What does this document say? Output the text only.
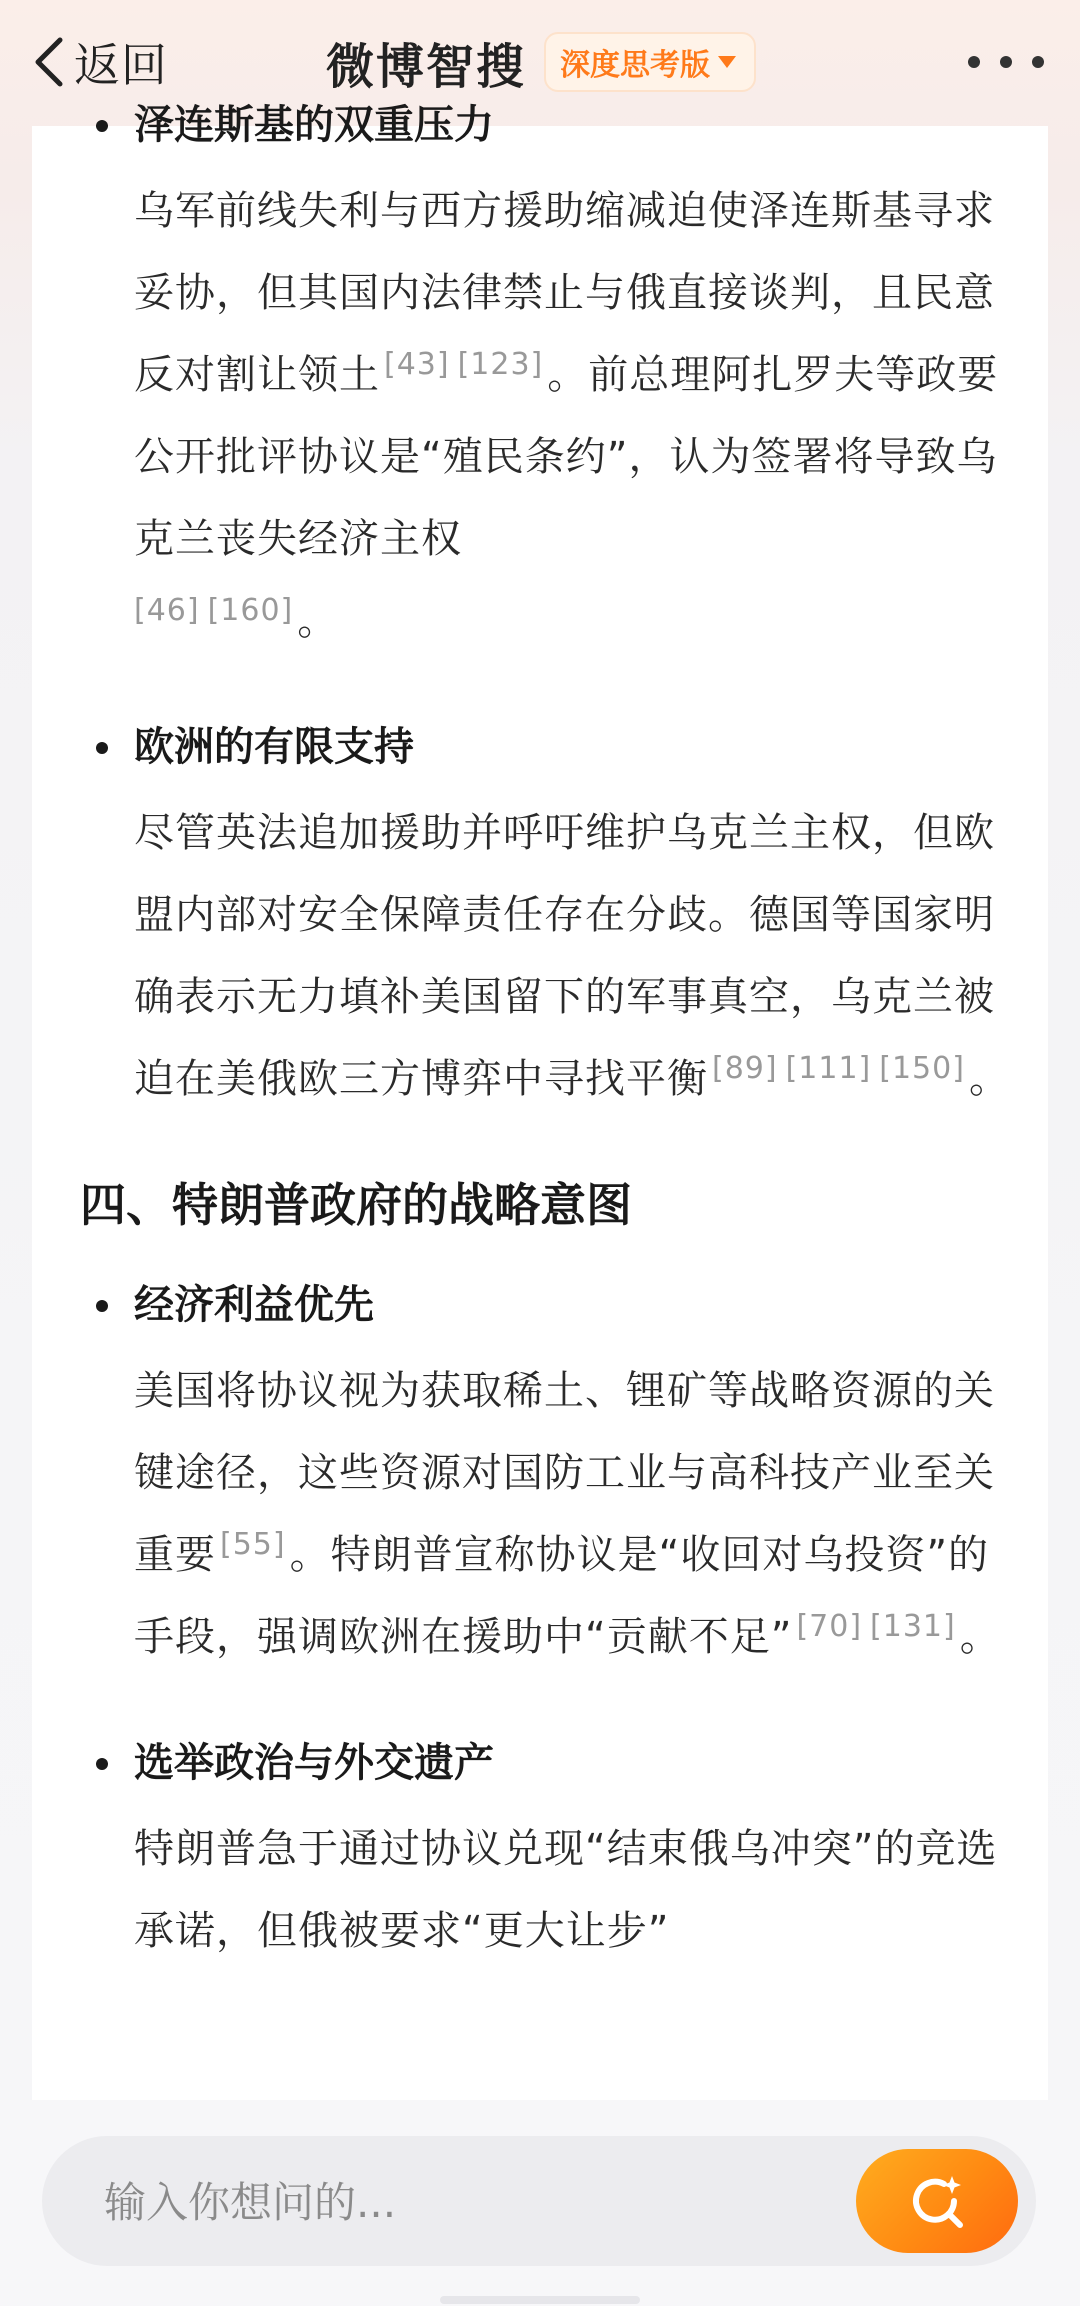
返回	微博智搜 深度思考版
泽连斯基的双重压力
乌军前线失利与西方援助缩减迫使泽连斯基寻求妥协，但其国内法律禁止与俄直接谈判，且民意反对割让领土 [43] [123] 。前总理阿扎罗夫等政要公开批评协议是“殖民条约”，认为签署将导致乌克兰丧失经济主权
[46] [160] 。
欧洲的有限支持
尽管英法追加援助并呼吁维护乌克兰主权，但欧盟内部对安全保障责任存在分歧。德国等国家明确表示无力填补美国留下的军事真空，乌克兰被迫在美俄欧三方博弈中寻找平衡 [89] [111] [150] 。
四、特朗普政府的战略意图
经济利益优先
美国将协议视为获取稀土、锂矿等战略资源的关键途径，这些资源对国防工业与高科技产业至关重要 [55] 。特朗普宣称协议是“收回对乌投资”的手段，强调欧洲在援助中“贡献不足” [70] [131] 。
选举政治与外交遗产
特朗普急于通过协议兑现“结束俄乌冲突”的竞选承诺，但俄被要求“更大让步”
输入你想问的...
